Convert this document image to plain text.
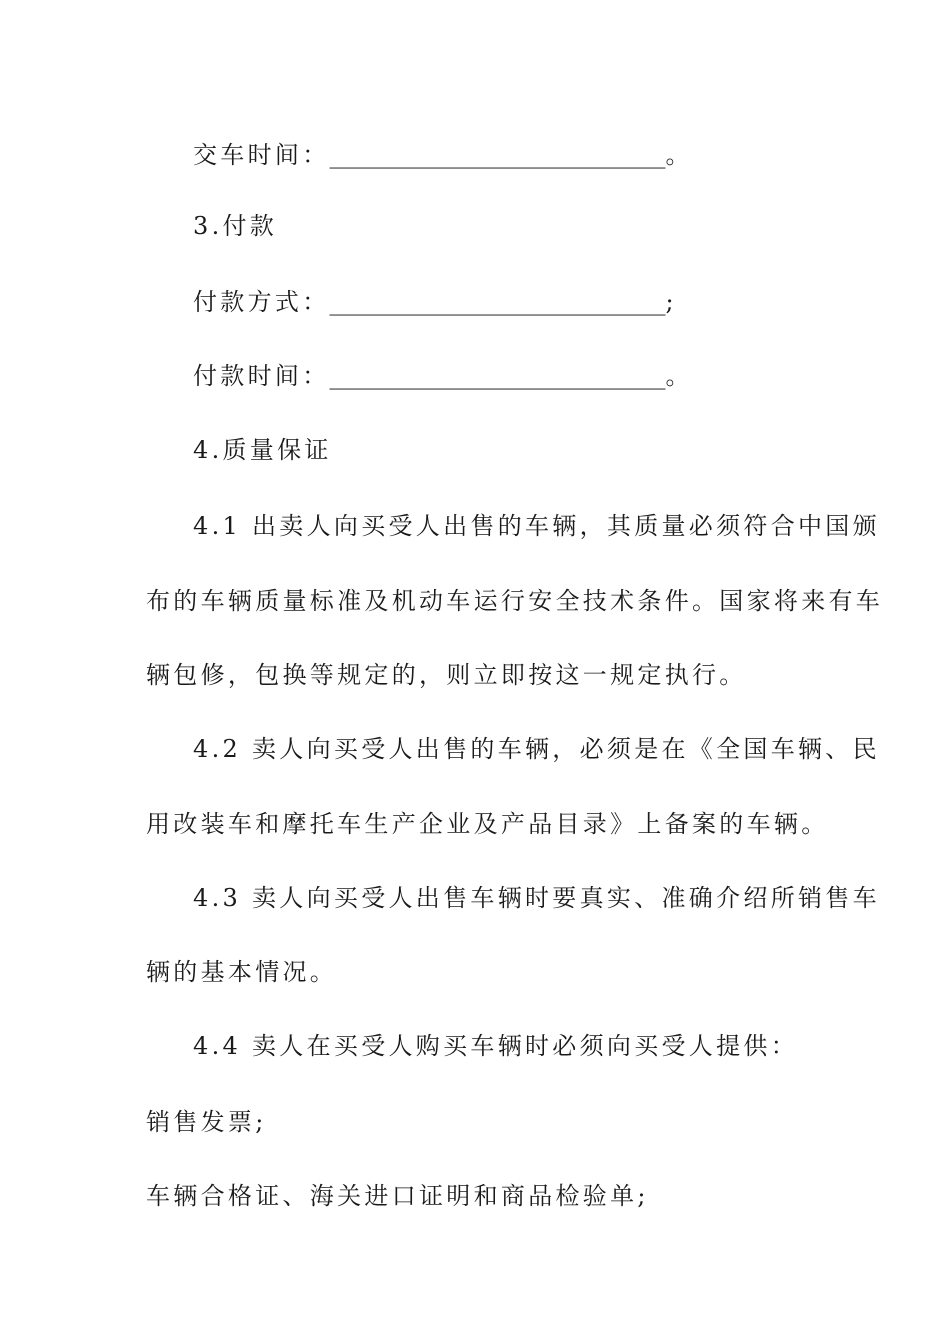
交车时间：____________________________。
3.付款
付款方式：____________________________;
付款时间：____________________________。
4.质量保证
4.1 出卖人向买受人出售的车辆，其质量必须符合中国颁
布的车辆质量标准及机动车运行安全技术条件。国家将来有车
辆包修，包换等规定的，则立即按这一规定执行。
4.2 卖人向买受人出售的车辆，必须是在《全国车辆、民
用改装车和摩托车生产企业及产品目录》上备案的车辆。
4.3 卖人向买受人出售车辆时要真实、准确介绍所销售车
辆的基本情况。
4.4 卖人在买受人购买车辆时必须向买受人提供：
销售发票;
车辆合格证、海关进口证明和商品检验单;
